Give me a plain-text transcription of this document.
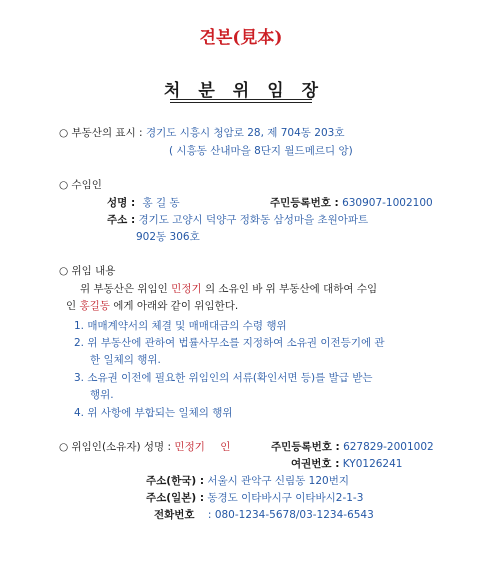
견본(見本)
처 분 위 임 장
○ 부동산의 표시 : 경기도 시흥시 청암로 28, 제 704동 203호
( 시흥동 산내마을 8단지 월드메르디 앙)
○ 수임인
성명 : 홍 길 동	주민등록번호 : 630907-1002100
주소 : 경기도 고양시 덕양구 정화동 삼성마을 초원아파트
902동 306호
○ 위임 내용
위 부동산은 위임인 민정기 의 소유인 바 위 부동산에 대하여 수임
인 홍길동 에게 아래와 같이 위임한다.
1. 매매계약서의 체결 및 매매대금의 수령 행위
2. 위 부동산에 관하여 법률사무소를 지정하여 소유권 이전등기에 관
한 일체의 행위.
3. 소유권 이전에 필요한 위임인의 서류(확인서면 등)를 발급 받는
행위.
4. 위 사항에 부합되는 일체의 행위
○ 위임인(소유자) 성명 : 민정기 인	주민등록번호 : 627829-2001002
여권번호 : KY0126241
주소(한국) : 서울시 관악구 신림동 120번지
주소(일본) : 동경도 이타바시구 이타바시2-1-3
전화번호 : 080-1234-5678/03-1234-6543
